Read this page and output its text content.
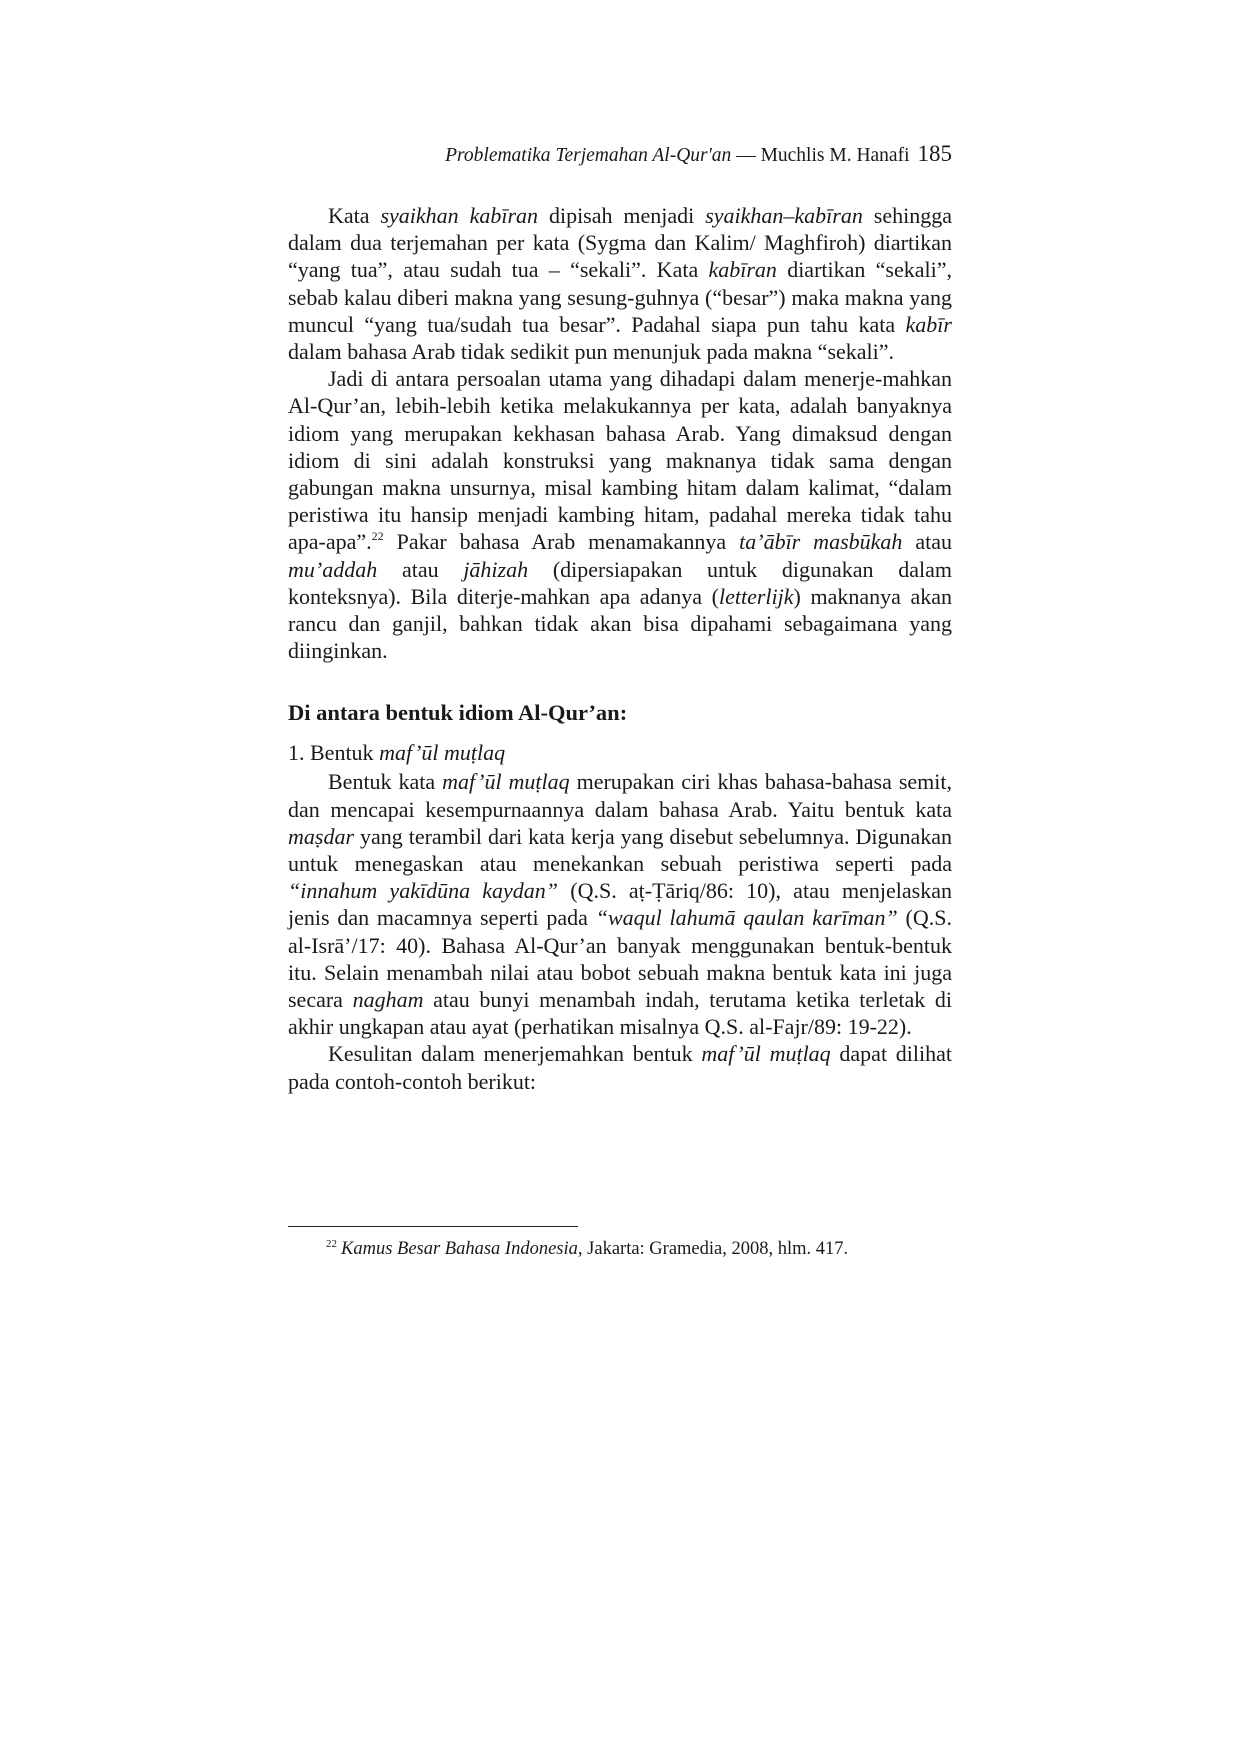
Problematika Terjemahan Al-Qur'an — Muchlis M. Hanafi 185

Kata syaikhan kabīran dipisah menjadi syaikhan–kabīran sehingga dalam dua terjemahan per kata (Sygma dan Kalim/ Maghfiroh) diartikan “yang tua”, atau sudah tua – “sekali”. Kata kabīran diartikan “sekali”, sebab kalau diberi makna yang sesung-guhnya (“besar”) maka makna yang muncul “yang tua/sudah tua besar”. Padahal siapa pun tahu kata kabīr dalam bahasa Arab tidak sedikit pun menunjuk pada makna “sekali”.

Jadi di antara persoalan utama yang dihadapi dalam menerje-mahkan Al-Qur’an, lebih-lebih ketika melakukannya per kata, adalah banyaknya idiom yang merupakan kekhasan bahasa Arab. Yang dimaksud dengan idiom di sini adalah konstruksi yang maknanya tidak sama dengan gabungan makna unsurnya, misal kambing hitam dalam kalimat, “dalam peristiwa itu hansip menjadi kambing hitam, padahal mereka tidak tahu apa-apa”.$^{22}$ Pakar bahasa Arab menamakannya ta’ābīr masbūkah atau mu’addah atau jāhizah (dipersiapakan untuk digunakan dalam konteksnya). Bila diterje-mahkan apa adanya (letterlijk) maknanya akan rancu dan ganjil, bahkan tidak akan bisa dipahami sebagaimana yang diinginkan.

Di antara bentuk idiom Al-Qur’an:

1. Bentuk maf’ūl muṭlaq

Bentuk kata maf’ūl muṭlaq merupakan ciri khas bahasa-bahasa semit, dan mencapai kesempurnaannya dalam bahasa Arab. Yaitu bentuk kata maṣdar yang terambil dari kata kerja yang disebut sebelumnya. Digunakan untuk menegaskan atau menekankan sebuah peristiwa seperti pada “innahum yakīdūna kaydan” (Q.S. aṭ-Ṭāriq/86: 10), atau menjelaskan jenis dan macamnya seperti pada “waqul lahumā qaulan karīman” (Q.S. al-Isrā’/17: 40). Bahasa Al-Qur’an banyak menggunakan bentuk-bentuk itu. Selain menambah nilai atau bobot sebuah makna bentuk kata ini juga secara nagham atau bunyi menambah indah, terutama ketika terletak di akhir ungkapan atau ayat (perhatikan misalnya Q.S. al-Fajr/89: 19-22).

Kesulitan dalam menerjemahkan bentuk maf’ūl muṭlaq dapat dilihat pada contoh-contoh berikut:

$^{22}$ Kamus Besar Bahasa Indonesia, Jakarta: Gramedia, 2008, hlm. 417.
